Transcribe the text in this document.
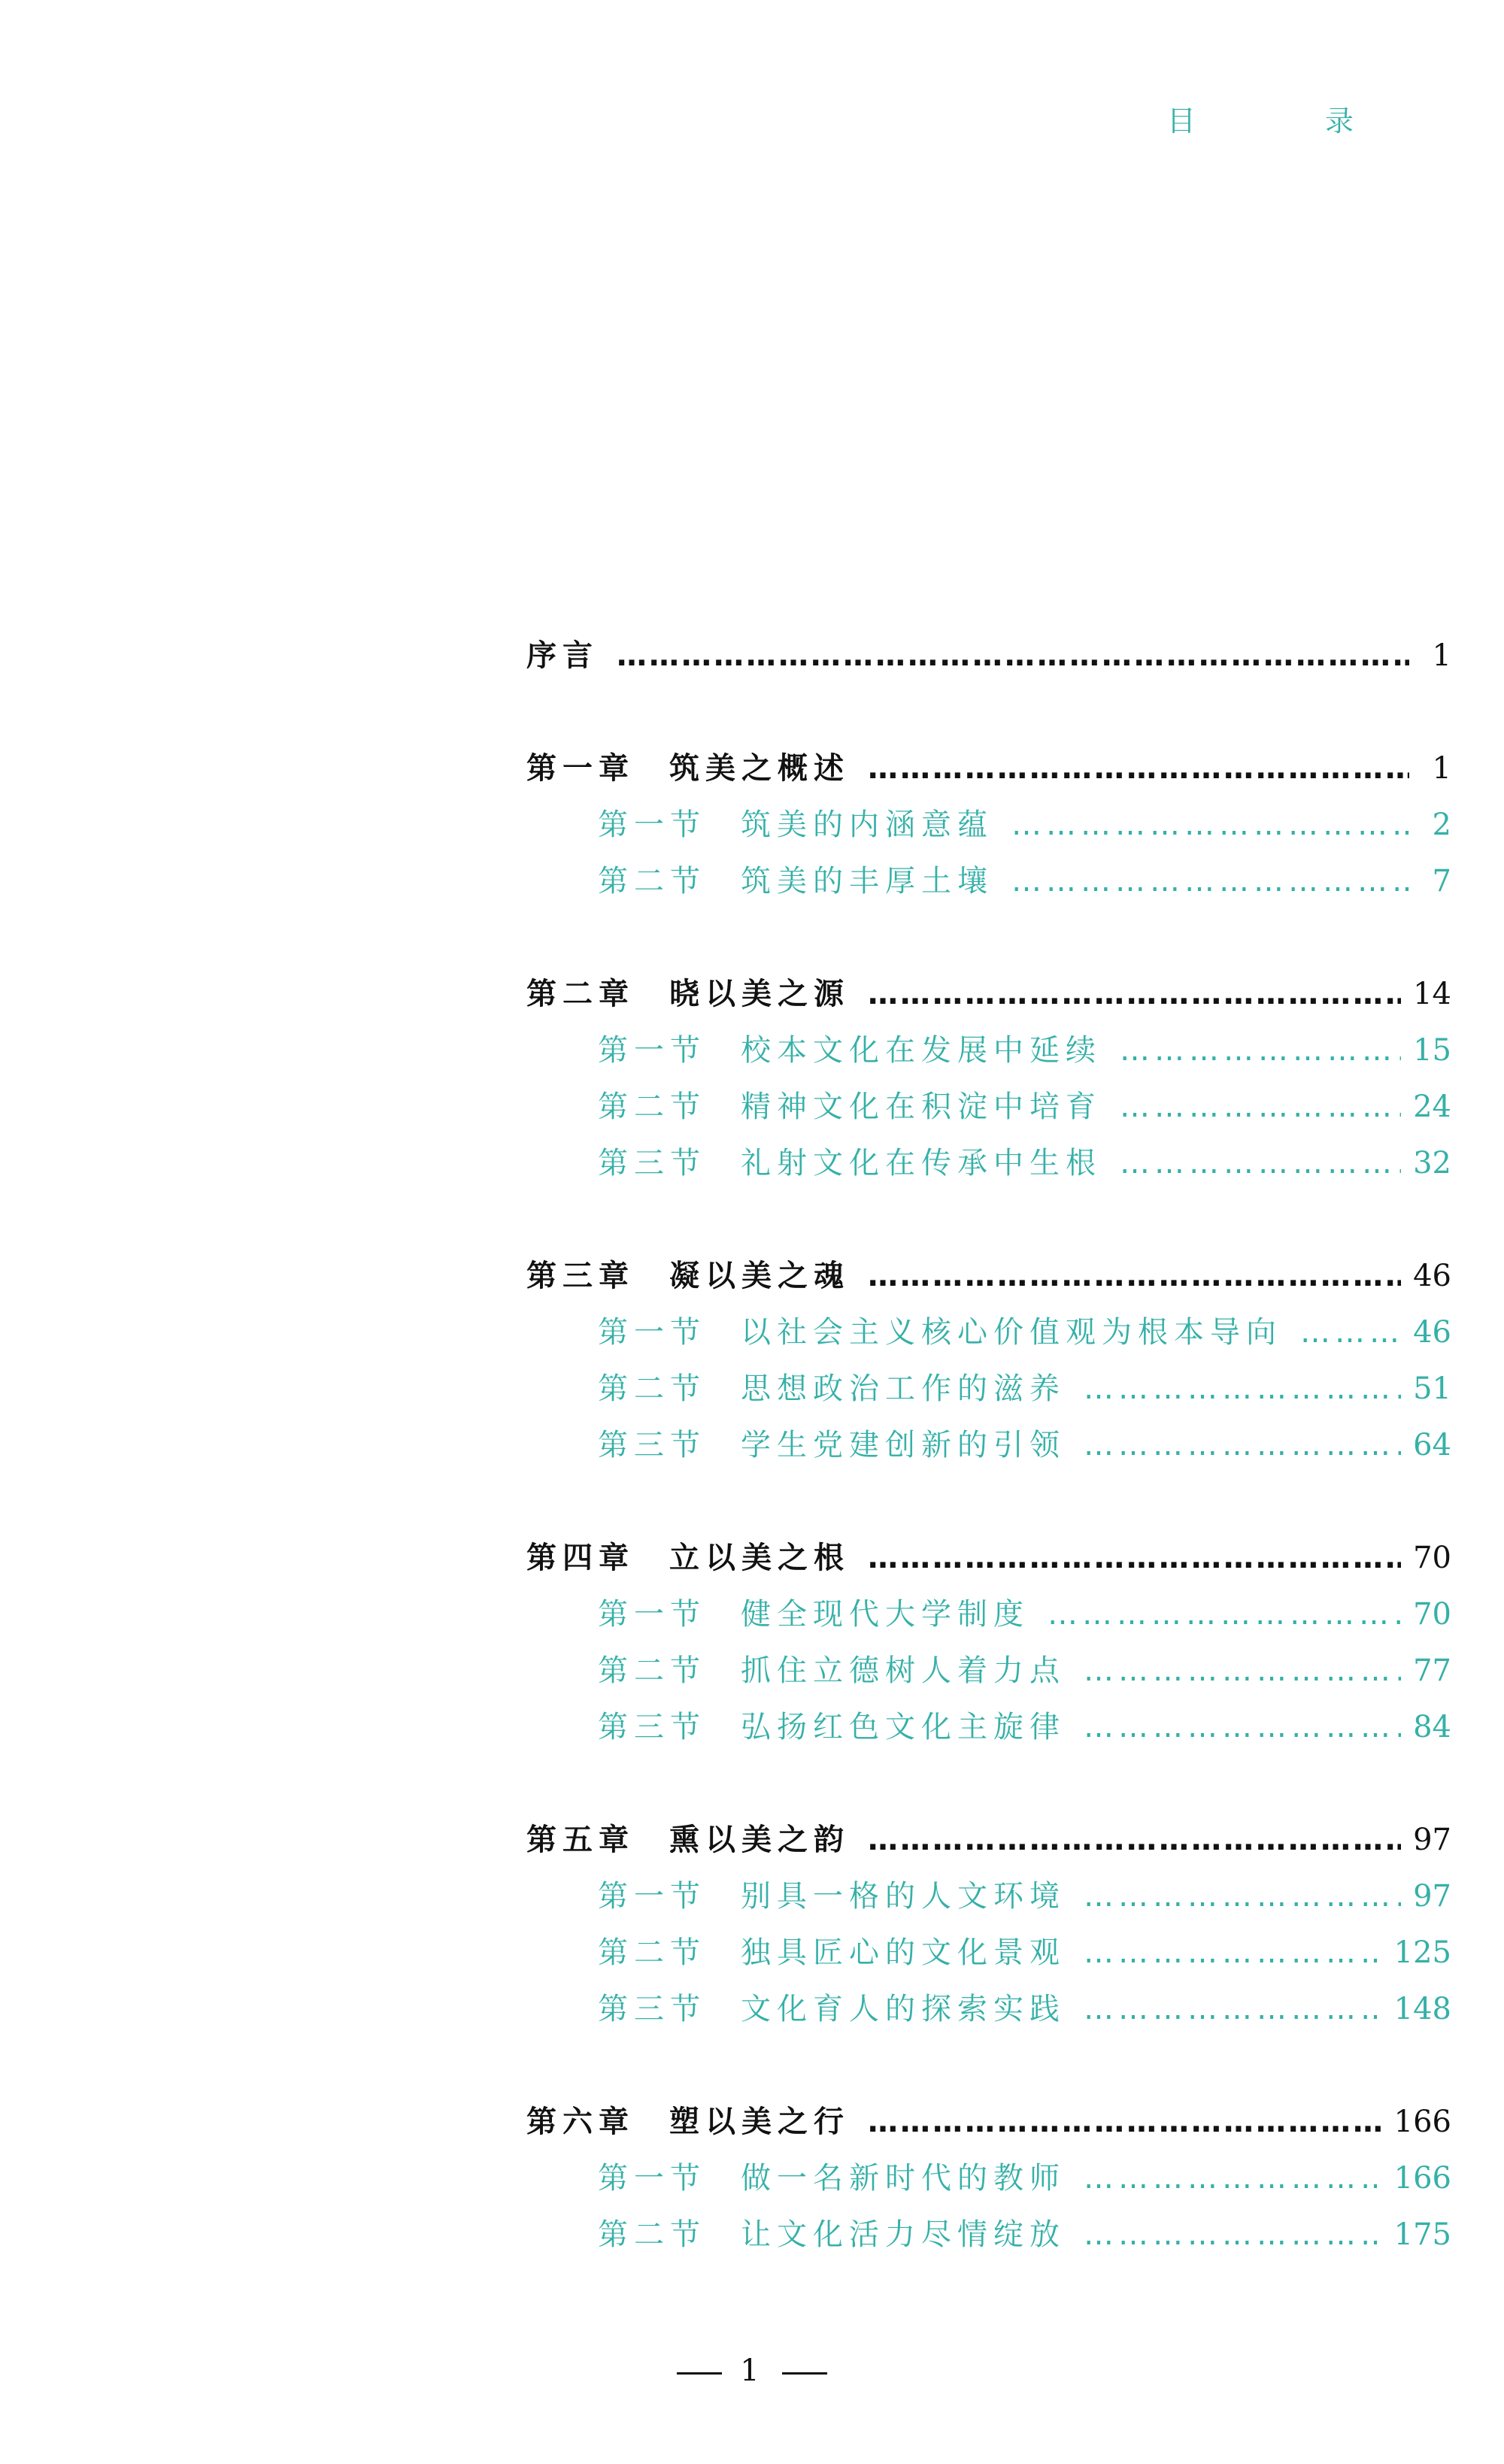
目 录
序言 …………………………………………………………………………………………………………………………………	1
第一章 筑美之概述 …………………………………………………………………………………………………………………………………	1
第一节 筑美的内涵意蕴 …………………………………………………………………………………………………………………………………	2
第二节 筑美的丰厚土壤 …………………………………………………………………………………………………………………………………	7
第二章 晓以美之源 …………………………………………………………………………………………………………………………………	14
第一节 校本文化在发展中延续 …………………………………………………………………………………………………………………………………	15
第二节 精神文化在积淀中培育 …………………………………………………………………………………………………………………………………	24
第三节 礼射文化在传承中生根 …………………………………………………………………………………………………………………………………	32
第三章 凝以美之魂 …………………………………………………………………………………………………………………………………	46
第一节 以社会主义核心价值观为根本导向 …………………………………………………………………………………………………………………………………	46
第二节 思想政治工作的滋养 …………………………………………………………………………………………………………………………………	51
第三节 学生党建创新的引领 …………………………………………………………………………………………………………………………………	64
第四章 立以美之根 …………………………………………………………………………………………………………………………………	70
第一节 健全现代大学制度 …………………………………………………………………………………………………………………………………	70
第二节 抓住立德树人着力点 …………………………………………………………………………………………………………………………………	77
第三节 弘扬红色文化主旋律 …………………………………………………………………………………………………………………………………	84
第五章 熏以美之韵 …………………………………………………………………………………………………………………………………	97
第一节 别具一格的人文环境 …………………………………………………………………………………………………………………………………	97
第二节 独具匠心的文化景观 …………………………………………………………………………………………………………………………………	125
第三节 文化育人的探索实践 …………………………………………………………………………………………………………………………………	148
第六章 塑以美之行 …………………………………………………………………………………………………………………………………	166
第一节 做一名新时代的教师 …………………………………………………………………………………………………………………………………	166
第二节 让文化活力尽情绽放 …………………………………………………………………………………………………………………………………	175
1
